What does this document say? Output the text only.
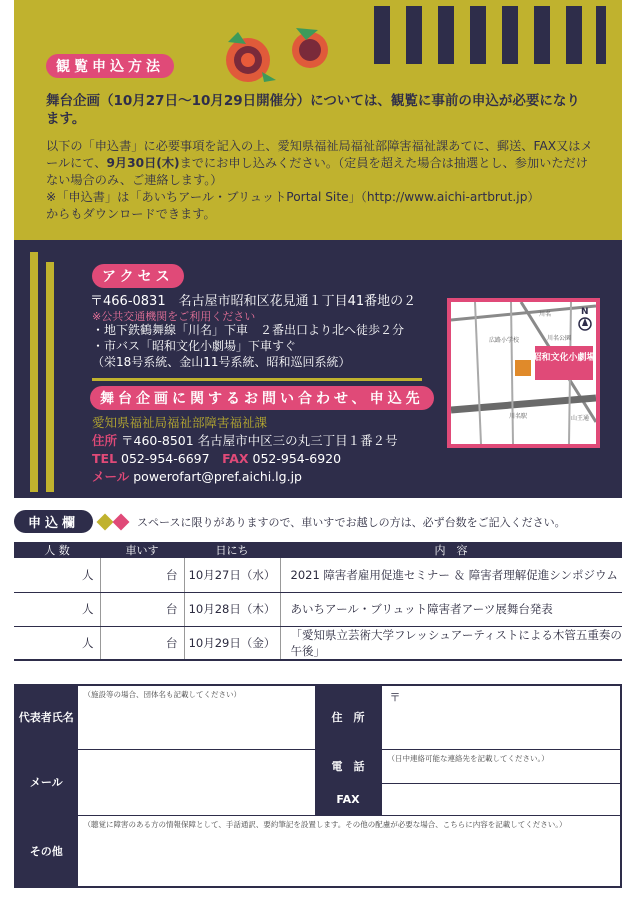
観覧申込方法
舞台企画（10月27日〜10月29日開催分）については、観覧に事前の申込が必要になります。
以下の「申込書」に必要事項を記入の上、愛知県福祉局福祉部障害福祉課あてに、郵送、FAX又はメールにて、9月30日(木)までにお申し込みください。（定員を超えた場合は抽選とし、参加いただけない場合のみ、ご連絡します。）
※「申込書」は「あいちアール・ブリュットPortal Site」（http://www.aichi-artbrut.jp）
からもダウンロードできます。
アクセス
〒466-0831　名古屋市昭和区花見通１丁目41番地の２
※公共交通機関をご利用ください
・地下鉄鶴舞線「川名」下車　２番出口より北へ徒歩２分
・市バス「昭和文化小劇場」下車すぐ
（栄18号系統、金山11号系統、昭和巡回系統）	昭和文化小劇場
広路小学校	川名公園
山王通
川名駅
川名	N
舞台企画に関するお問い合わせ、申込先
愛知県福祉局福祉部障害福祉課
住所 〒460-8501 名古屋市中区三の丸三丁目１番２号
TEL 052-954-6697　 FAX 052-954-6920
メール powerofart@pref.aichi.lg.jp
申込欄	スペースに限りがありますので、車いすでお越しの方は、必ず台数をご記入ください。
人 数	車いす	日にち	内　容
人	台	10月27日（水）	2021 障害者雇用促進セミナー ＆ 障害者理解促進シンポジウム
人	台	10月28日（木）	あいちアール・ブリュット障害者アーツ展舞台発表
人	台	10月29日（金）	「愛知県立芸術大学フレッシュアーティストによる木管五重奏の午後」
代表者氏名	（施設等の場合、団体名も記載してください）	住　所	〒

メール		電　話	（日中連絡可能な連絡先を記載してください。）

		FAX	
その他	（聴覚に障害のある方の情報保障として、手話通訳、要約筆記を設置します。その他の配慮が必要な場合、こちらに内容を記載してください。）		
